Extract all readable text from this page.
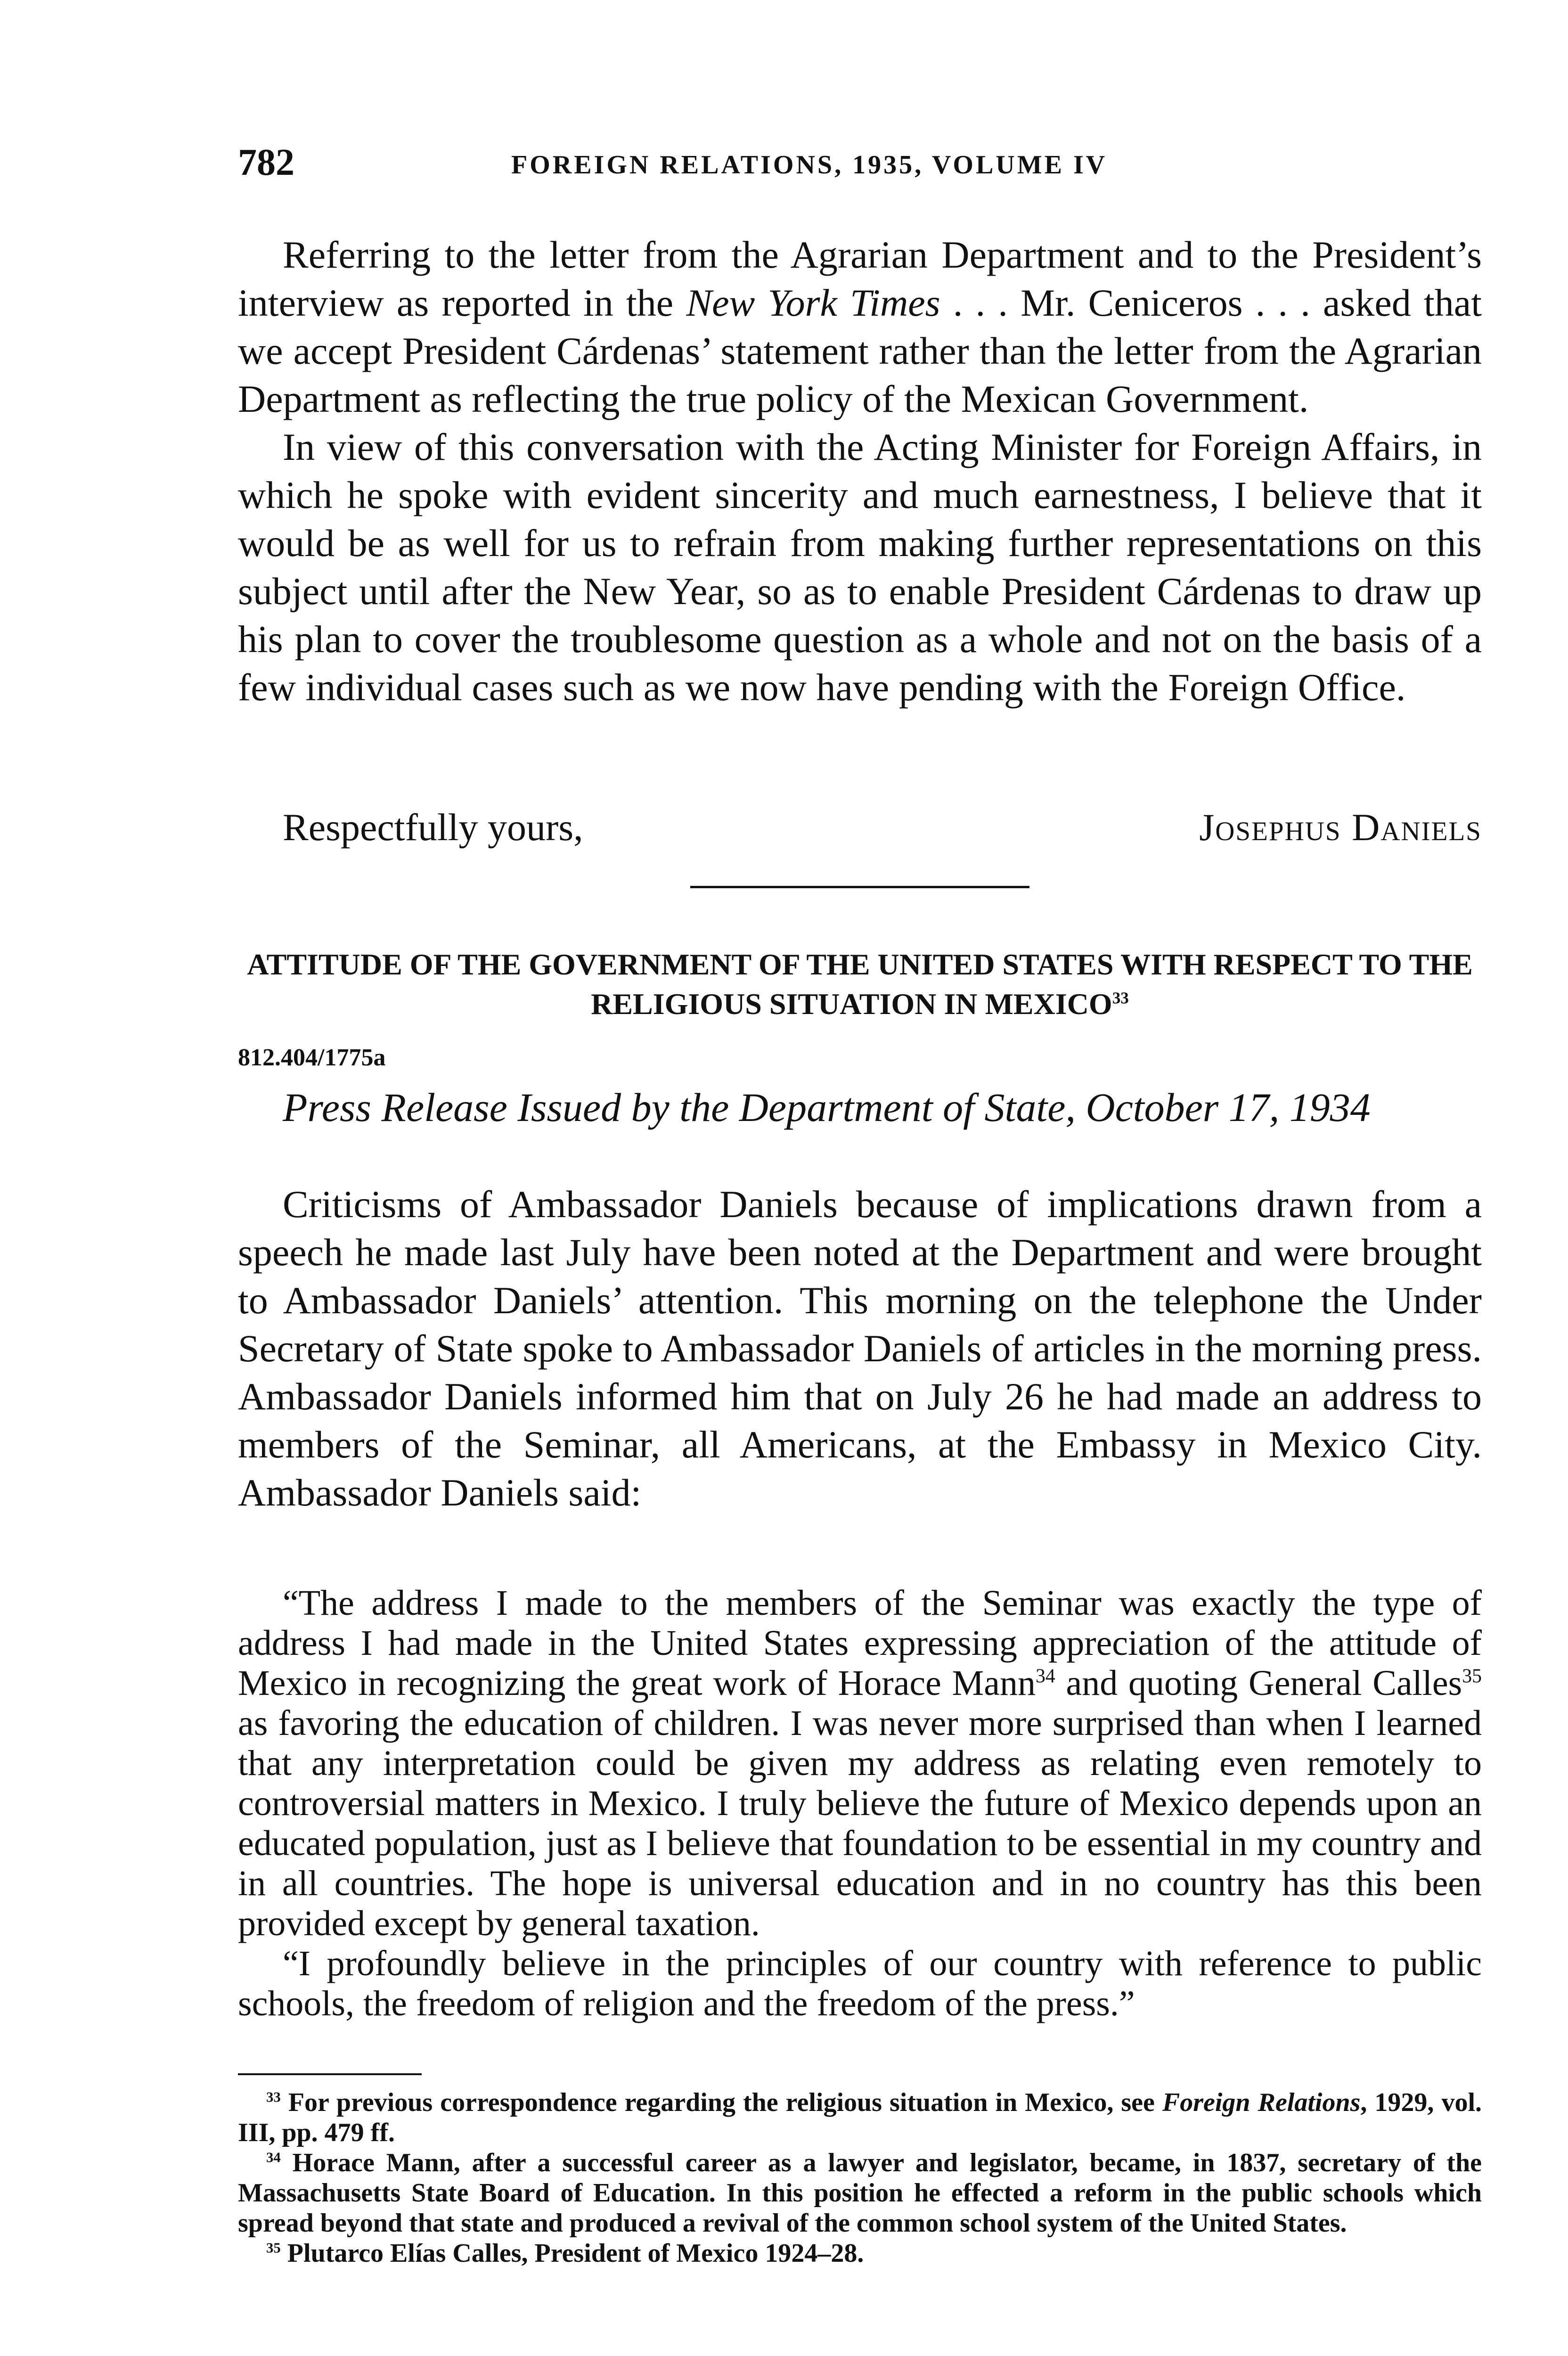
782	FOREIGN RELATIONS, 1935, VOLUME IV

Referring to the letter from the Agrarian Department and to the President’s interview as reported in the New York Times . . . Mr. Ceniceros . . . asked that we accept President Cárdenas’ statement rather than the letter from the Agrarian Department as reflecting the true policy of the Mexican Government.

In view of this conversation with the Acting Minister for Foreign Affairs, in which he spoke with evident sincerity and much earnestness, I believe that it would be as well for us to refrain from making further representations on this subject until after the New Year, so as to enable President Cárdenas to draw up his plan to cover the troublesome question as a whole and not on the basis of a few individual cases such as we now have pending with the Foreign Office.

Respectfully yours,	Josephus Daniels
ATTITUDE OF THE GOVERNMENT OF THE UNITED STATES WITH RESPECT TO THE RELIGIOUS SITUATION IN MEXICO$^{33}$
812.404/1775a
Press Release Issued by the Department of State, October 17, 1934

Criticisms of Ambassador Daniels because of implications drawn from a speech he made last July have been noted at the Department and were brought to Ambassador Daniels’ attention. This morning on the telephone the Under Secretary of State spoke to Ambassador Daniels of articles in the morning press. Ambassador Daniels informed him that on July 26 he had made an address to members of the Seminar, all Americans, at the Embassy in Mexico City. Ambassador Daniels said:

“The address I made to the members of the Seminar was exactly the type of address I had made in the United States expressing appreciation of the attitude of Mexico in recognizing the great work of Horace Mann$^{34}$ and quoting General Calles$^{35}$ as favoring the education of children. I was never more surprised than when I learned that any interpretation could be given my address as relating even remotely to controversial matters in Mexico. I truly believe the future of Mexico depends upon an educated population, just as I believe that foundation to be essential in my country and in all countries. The hope is universal education and in no country has this been provided except by general taxation.

“I profoundly believe in the principles of our country with reference to public schools, the freedom of religion and the freedom of the press.”

$^{33}$ For previous correspondence regarding the religious situation in Mexico, see Foreign Relations, 1929, vol. III, pp. 479 ff.

$^{34}$ Horace Mann, after a successful career as a lawyer and legislator, became, in 1837, secretary of the Massachusetts State Board of Education. In this position he effected a reform in the public schools which spread beyond that state and produced a revival of the common school system of the United States.

$^{35}$ Plutarco Elías Calles, President of Mexico 1924–28.
